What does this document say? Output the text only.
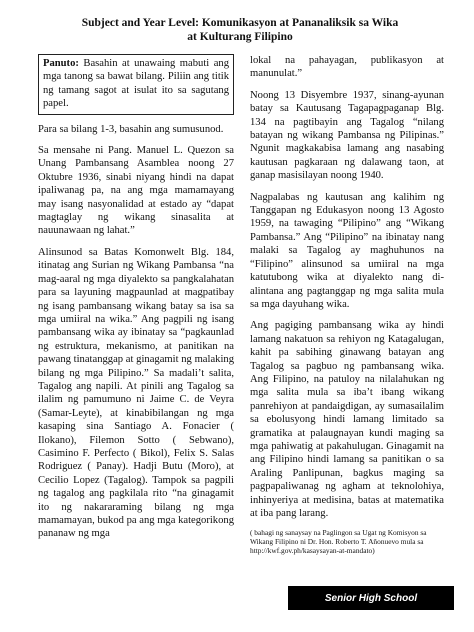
Subject and Year Level: Komunikasyon at Pananaliksik sa Wika
at Kulturang Filipino
Panuto: Basahin at unawaing mabuti ang mga tanong sa bawat bilang. Piliin ang titik ng tamang sagot at isulat ito sa sagutang papel.

Para sa bilang 1-3, basahin ang sumusunod.

Sa mensahe ni Pang. Manuel L. Quezon sa Unang Pambansang Asamblea noong 27 Oktubre 1936, sinabi niyang hindi na dapat ipaliwanag pa, na ang mga mamamayang may isang nasyonalidad at estado ay “dapat magtaglay ng wikang sinasalita at nauunawaan ng lahat.”

Alinsunod sa Batas Komonwelt Blg. 184, itinatag ang Surian ng Wikang Pambansa “na mag-aaral ng mga diyalekto sa pangkalahatan para sa layuning magpaunlad at magpatibay ng isang pambansang wikang batay sa isa sa mga umiiral na wika.” Ang pagpili ng isang pambansang wika ay ibinatay sa “pagkaunlad ng estruktura, mekanismo, at panitikan na pawang tinatanggap at ginagamit ng malaking bilang ng mga Pilipino.” Sa madali’t salita, Tagalog ang napili. At pinili ang Tagalog sa ilalim ng pamumuno ni Jaime C. de Veyra (Samar-Leyte), at kinabibilangan ng mga kasaping sina Santiago A. Fonacier ( Ilokano), Filemon Sotto ( Sebwano), Casimino F. Perfecto ( Bikol), Felix S. Salas Rodriguez ( Panay). Hadji Butu (Moro), at Cecilio Lopez (Tagalog). Tampok sa pagpili ng tagalog ang pagkilala rito “na ginagamit ito ng nakararaming bilang ng mga mamamayan, bukod pa ang mga kategorikong pananaw ng mga

lokal na pahayagan, publikasyon at manunulat.”

Noong 13 Disyembre 1937, sinang-ayunan batay sa Kautusang Tagapagpaganap Blg. 134 na pagtibayin ang Tagalog “nilang batayan ng wikang Pambansa ng Pilipinas.” Ngunit magkakabisa lamang ang nasabing kautusan pagkaraan ng dalawang taon, at ganap masisilayan noong 1940.

Nagpalabas ng kautusan ang kalihim ng Tanggapan ng Edukasyon noong 13 Agosto 1959, na tawaging “Pilipino” ang “Wikang Pambansa.” Ang “Pilipino” na ibinatay nang malaki sa Tagalog ay maghuhunos na “Filipino” alinsunod sa umiiral na mga katutubong wika at diyalekto nang di-alintana ang pagtanggap ng mga salita mula sa mga dayuhang wika.

Ang pagiging pambansang wika ay hindi lamang nakatuon sa rehiyon ng Katagalugan, kahit pa sabihing ginawang batayan ang Tagalog sa pagbuo ng pambansang wika. Ang Filipino, na patuloy na nilalahukan ng mga salita mula sa iba’t ibang wikang panrehiyon at pandaigdigan, ay sumasailalim sa ebolusyong hindi lamang limitado sa gramatika at palaugnayan kundi maging sa mga pahiwatig at pakahulugan. Ginagamit na ang Filipino hindi lamang sa panitikan o sa Araling Panlipunan, bagkus maging sa pagpapaliwanag ng agham at teknolohiya, inhinyeriya at medisina, batas at matematika at iba pang larang.

( bahagi ng sanaysay na Paglingon sa Ugat ng Komisyon sa Wikang Filipino ni Dr. Hon. Roberto T. Añonuevo mula sa http://kwf.gov.ph/kasaysayan-at-mandato)
Senior High School
